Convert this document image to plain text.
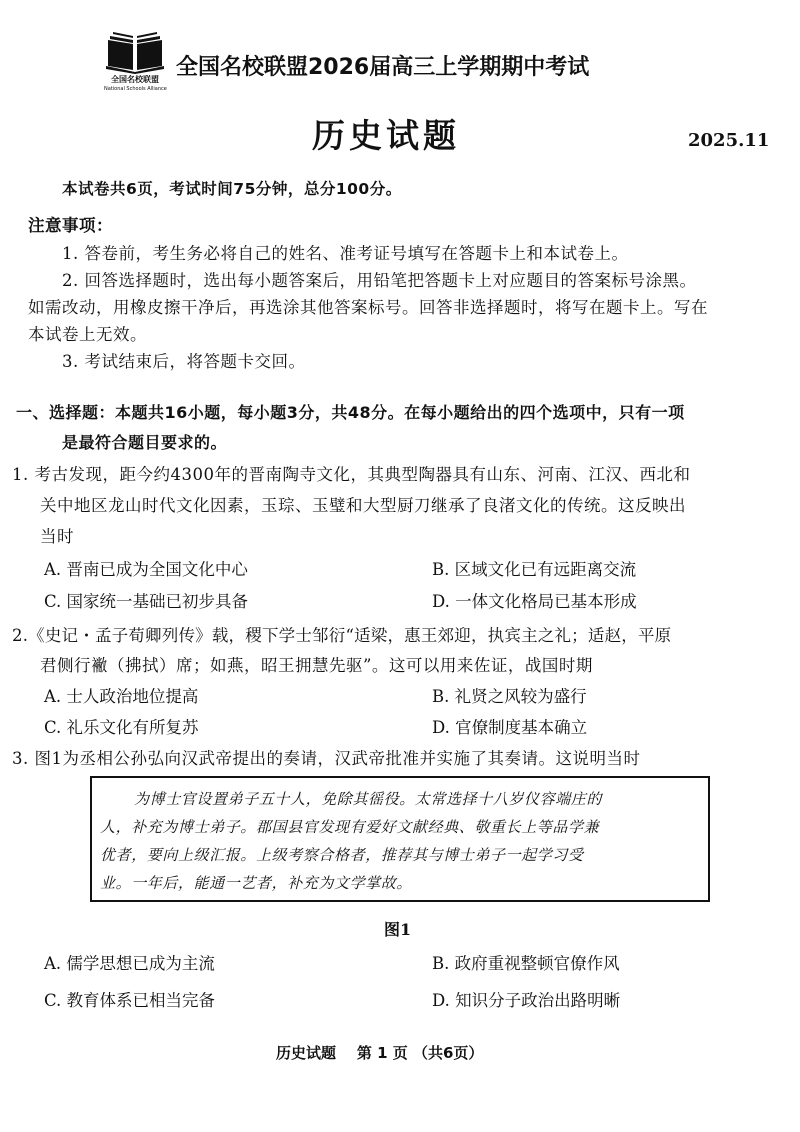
全国名校联盟
National Schools Alliance
全国名校联盟2026届高三上学期期中考试
历史试题	2025.11
本试卷共6页，考试时间75分钟，总分100分。
注意事项：
1. 答卷前，考生务必将自己的姓名、准考证号填写在答题卡上和本试卷上。
2. 回答选择题时，选出每小题答案后，用铅笔把答题卡上对应题目的答案标号涂黑。
如需改动，用橡皮擦干净后，再选涂其他答案标号。回答非选择题时，将写在题卡上。写在
本试卷上无效。
3. 考试结束后，将答题卡交回。
一、选择题：本题共16小题，每小题3分，共48分。在每小题给出的四个选项中，只有一项
是最符合题目要求的。
1. 考古发现，距今约4300年的晋南陶寺文化，其典型陶器具有山东、河南、江汉、西北和
关中地区龙山时代文化因素，玉琮、玉璧和大型厨刀继承了良渚文化的传统。这反映出
当时
A. 晋南已成为全国文化中心	B. 区域文化已有远距离交流
C. 国家统一基础已初步具备	D. 一体文化格局已基本形成
2.《史记・孟子荀卿列传》载，稷下学士邹衍“适梁，惠王郊迎，执宾主之礼；适赵，平原
君侧行襒（拂拭）席；如燕，昭王拥慧先驱”。这可以用来佐证，战国时期
A. 士人政治地位提高	B. 礼贤之风较为盛行
C. 礼乐文化有所复苏	D. 官僚制度基本确立
3. 图1为丞相公孙弘向汉武帝提出的奏请，汉武帝批准并实施了其奏请。这说明当时
为博士官设置弟子五十人，免除其徭役。太常选择十八岁仪容端庄的
人，补充为博士弟子。郡国县官发现有爱好文献经典、敬重长上等品学兼
优者，要向上级汇报。上级考察合格者，推荐其与博士弟子一起学习受
业。一年后，能通一艺者，补充为文学掌故。
图1
A. 儒学思想已成为主流	B. 政府重视整顿官僚作风
C. 教育体系已相当完备	D. 知识分子政治出路明晰
历史试题    第 1 页 （共6页）
